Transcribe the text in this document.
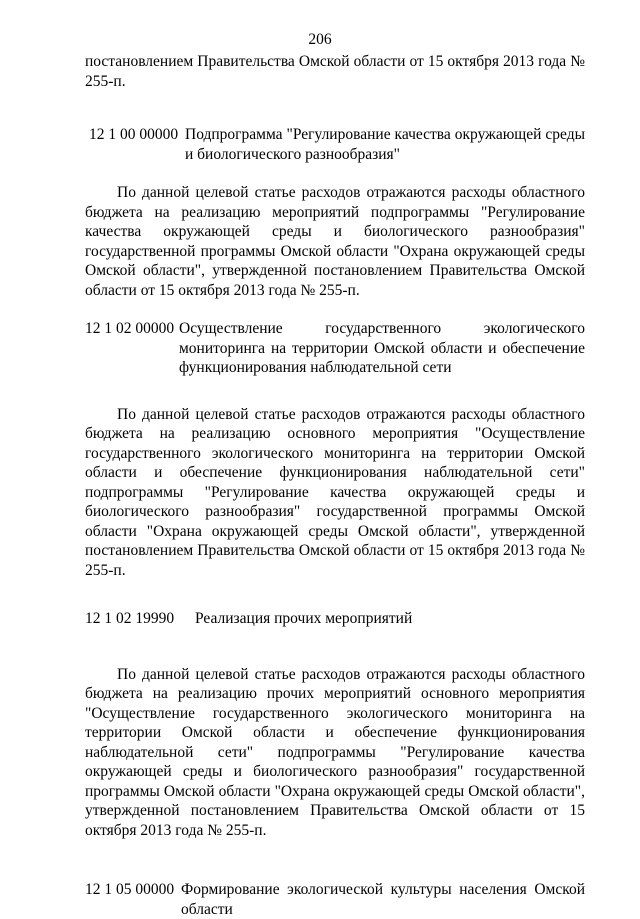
206

постановлением Правительства Омской области от 15 октября 2013 года № 255-п.

12 1 00 00000 Подпрограмма "Регулирование качества окружающей среды и биологического разнообразия"

По данной целевой статье расходов отражаются расходы областного бюджета на реализацию мероприятий подпрограммы "Регулирование качества окружающей среды и биологического разнообразия" государственной программы Омской области "Охрана окружающей среды Омской области", утвержденной постановлением Правительства Омской области от 15 октября 2013 года № 255-п.

12 1 02 00000 Осуществление государственного экологического мониторинга на территории Омской области и обеспечение функционирования наблюдательной сети

По данной целевой статье расходов отражаются расходы областного бюджета на реализацию основного мероприятия "Осуществление государственного экологического мониторинга на территории Омской области и обеспечение функционирования наблюдательной сети" подпрограммы "Регулирование качества окружающей среды и биологического разнообразия" государственной программы Омской области "Охрана окружающей среды Омской области", утвержденной постановлением Правительства Омской области от 15 октября 2013 года № 255-п.

12 1 02 19990	Реализация прочих мероприятий

По данной целевой статье расходов отражаются расходы областного бюджета на реализацию прочих мероприятий основного мероприятия "Осуществление государственного экологического мониторинга на территории Омской области и обеспечение функционирования наблюдательной сети" подпрограммы "Регулирование качества окружающей среды и биологического разнообразия" государственной программы Омской области "Охрана окружающей среды Омской области", утвержденной постановлением Правительства Омской области от 15 октября 2013 года № 255-п.

12 1 05 00000 Формирование экологической культуры населения Омской области
